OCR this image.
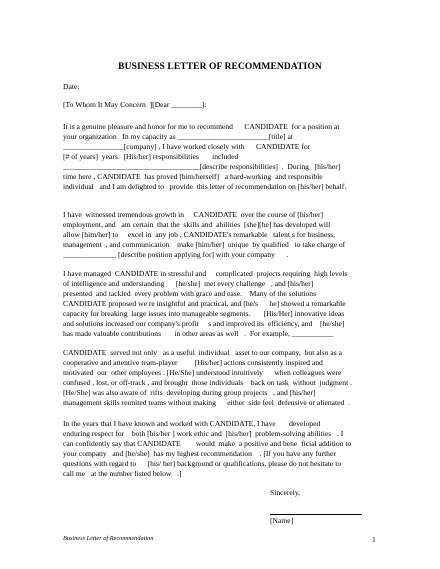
BUSINESS LETTER OF RECOMMENDATION
Date:
[To Whom It May Concern  ][Dear ________]:
It is a genuine pleasure and honor for me to recommend      CANDIDATE  for a position at
your organization   In my capacity as ________________________[title] at
________________[company] , I have worked closely with      CANDIDATE for
[# of years]  years.  [His/her] responsibilities       included
____________________________________[describe responsibilities]  .  During   [his/her]
time here , CANDIDATE  has proved [him/herself]   a hard-working  and responsible
individual   and I am delighted to   provide  this letter of recommendation on [his/her] behalf.
I have  witnessed tremendous growth in     CANDIDATE  over the course of [his/her]
employment, and   am certain  that the  skills and  abilities  [she][he] has developed will
allow [him/her] to     excel in  any job . CANDIDATE's remarkable   talent s for business,
management  , and communication    make [him/her]  unique  by qualified   to take charge of
______________ [describe position applying for] with your company      .
I have managed  CANDIDATE in stressful and     complicated  projects requiring  high levels
of intelligence and understanding      [he/she]  met every challenge   , and [his/her]
presented  and tackled  every problem with grace and ease.    Many of the solutions
CANDIDATE proposed we re insightful and practical, and [he/s      he] showed a remarkable
capacity for breaking  large issues into manageable segments.       [His/Her] innovative ideas
and solutions increased our company's profit     s and improved its  efficiency, and    [he/she]
has made valuable contributions       in other areas as well   .  For example, ___________
CANDIDATE  served not only   as a useful  individual   asset to our company,  but also as a
cooperative and attentive team-player         [His/her] actions consistently inspired and
motivated  our  other employees . [He/She] understood intuitively      when colleagues were
confused , lost, or off-track , and brought  those individuals    back on task  without  judgment .
[He/She] was also aware of  rifts  developing during group projects   , and [his/her]
management skills reunited teams without making      either  side feel  defensive or alienated  .
In the years that I have known and worked with CANDIDATE, I have       developed
enduring respect for    both [his/her ] work ethic and  [his/her]  problem-solving abilities   . I
can confidently say that CANDIDATE        would  make  a positive and bene  ficial addition to
your company   and [he/she]  has my highest recommendation    . [If you have any further
questions with regard to      [his/ her] background or qualifications, please do not hesitate to
call me   at the number listed below   .]
Sincerely,
[Name]
Business Letter of Recommendation	1
